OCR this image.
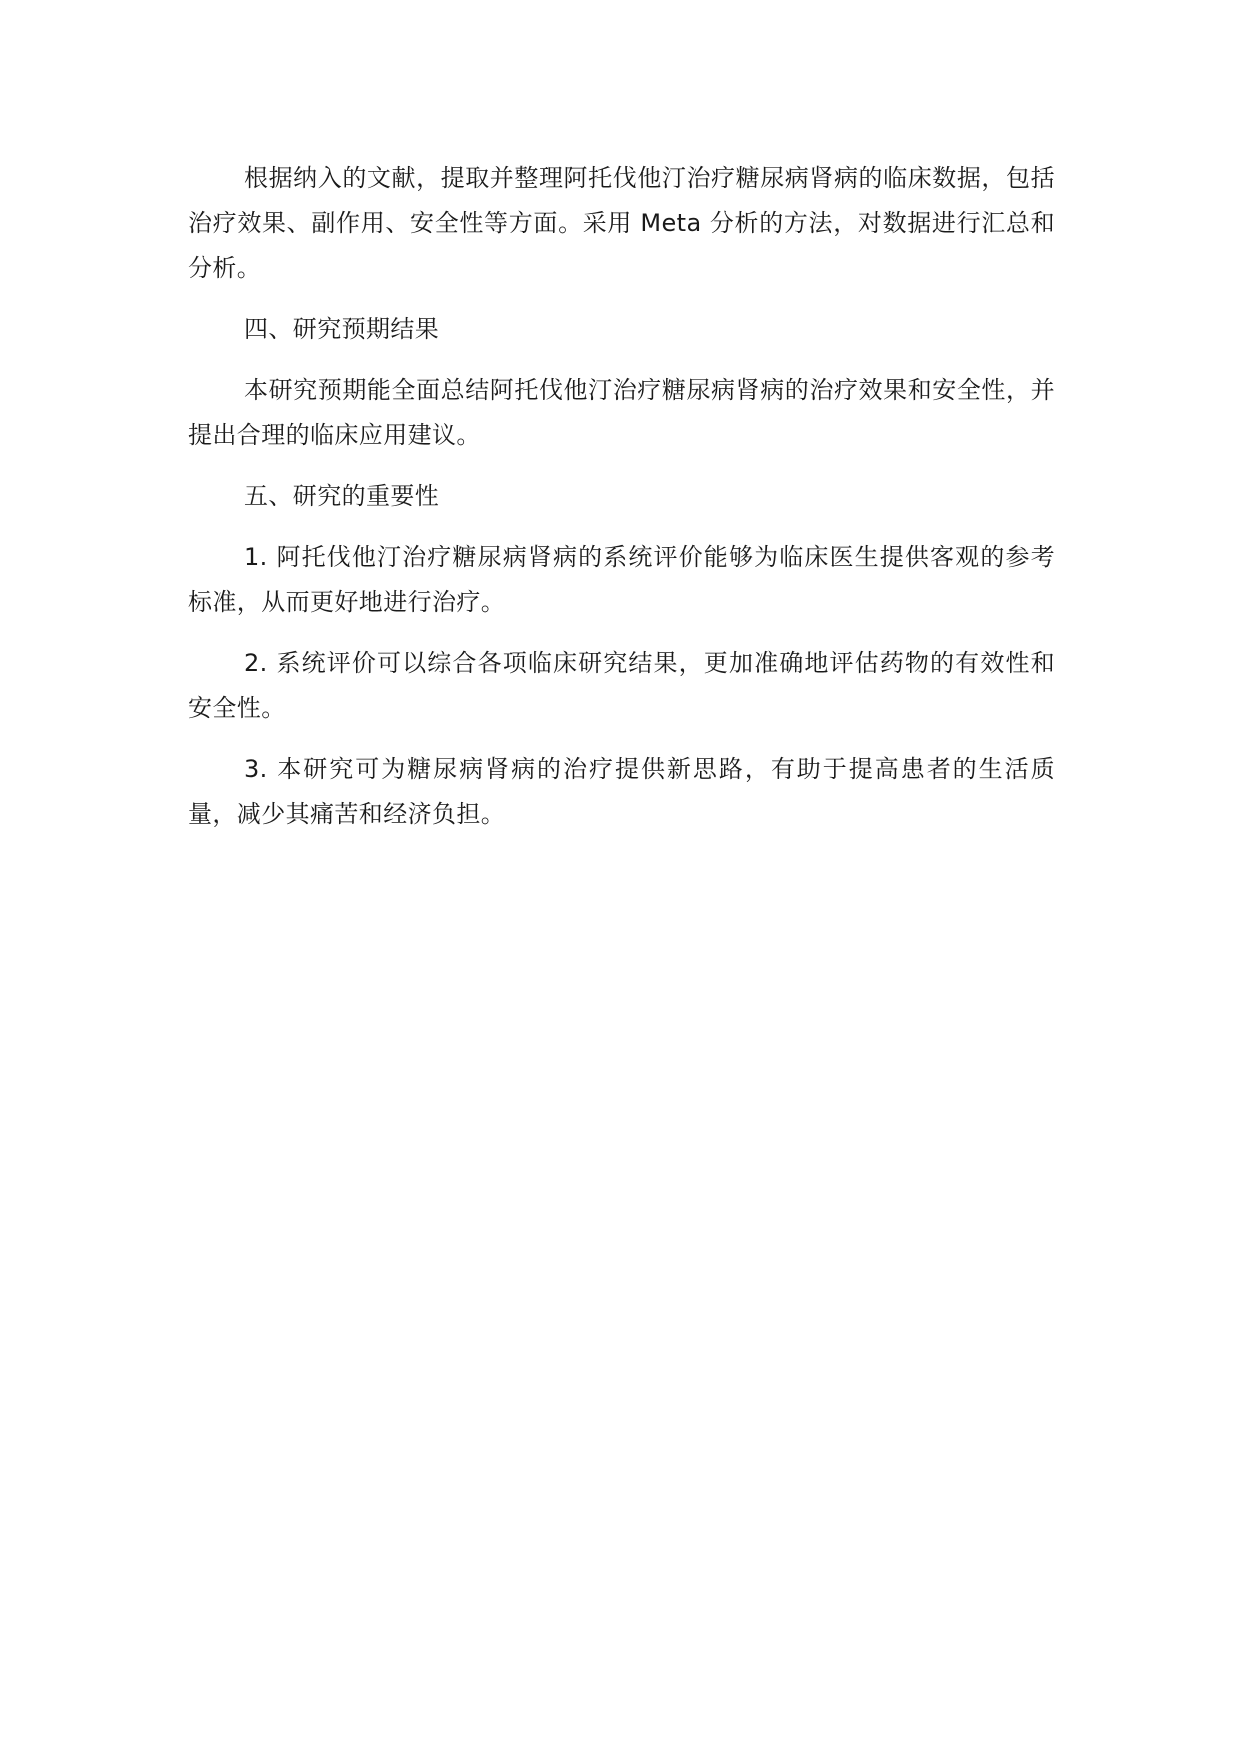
根据纳入的文献，提取并整理阿托伐他汀治疗糖尿病肾病的临床数据，包括治疗效果、副作用、安全性等方面。采用 Meta 分析的方法，对数据进行汇总和分析。

四、研究预期结果

本研究预期能全面总结阿托伐他汀治疗糖尿病肾病的治疗效果和安全性，并提出合理的临床应用建议。

五、研究的重要性

1. 阿托伐他汀治疗糖尿病肾病的系统评价能够为临床医生提供客观的参考标准，从而更好地进行治疗。

2. 系统评价可以综合各项临床研究结果，更加准确地评估药物的有效性和安全性。

3. 本研究可为糖尿病肾病的治疗提供新思路，有助于提高患者的生活质量，减少其痛苦和经济负担。
